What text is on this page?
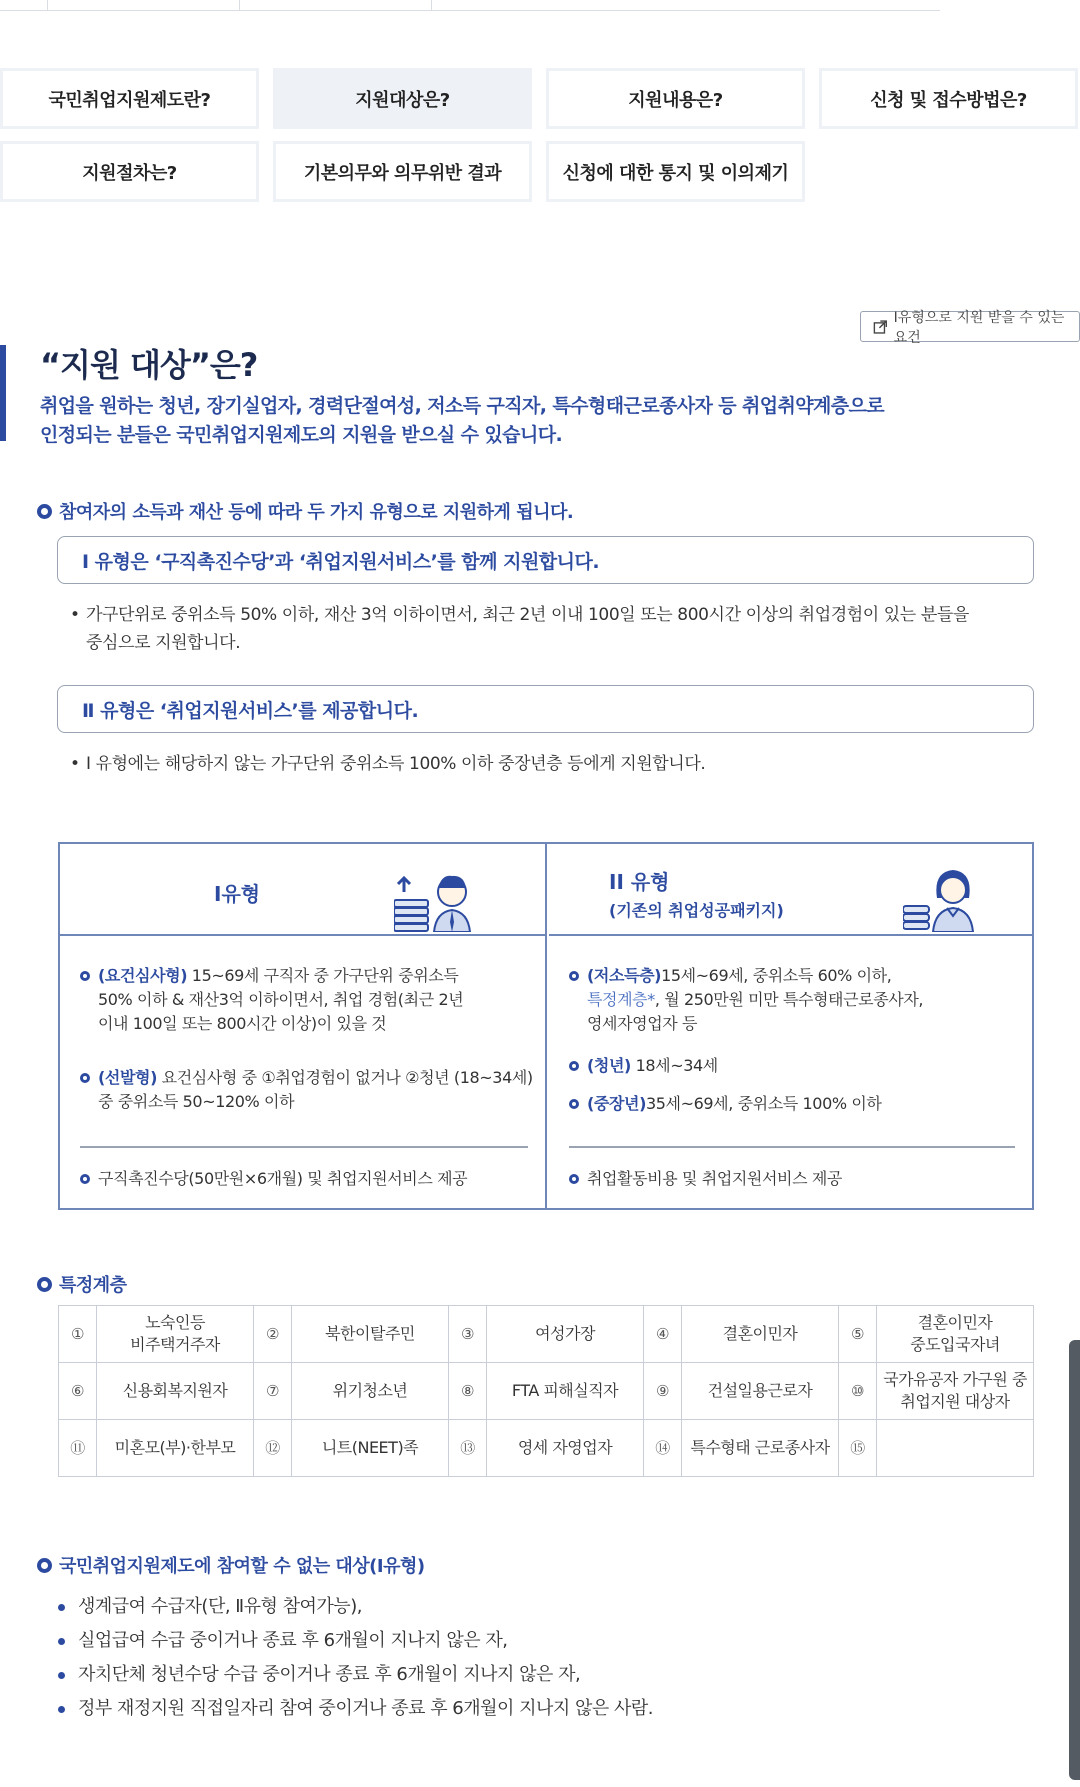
국민취업지원제도란?	지원대상은?	지원내용은?	신청 및 접수방법은?
지원절차는?	기본의무와 의무위반 결과	신청에 대한 통지 및 이의제기
I유형으로 지원 받을 수 있는 요건
“지원 대상”은?
취업을 원하는 청년, 장기실업자, 경력단절여성, 저소득 구직자, 특수형태근로종사자 등 취업취약계층으로
인정되는 분들은 국민취업지원제도의 지원을 받으실 수 있습니다.
참여자의 소득과 재산 등에 따라 두 가지 유형으로 지원하게 됩니다.
Ⅰ 유형은 ‘구직촉진수당’과 ‘취업지원서비스’를 함께 지원합니다.
• 가구단위로 중위소득 50% 이하, 재산 3억 이하이면서, 최근 2년 이내 100일 또는 800시간 이상의 취업경험이 있는 분들을
중심으로 지원합니다.
Ⅱ 유형은 ‘취업지원서비스’를 제공합니다.
• Ⅰ 유형에는 해당하지 않는 가구단위 중위소득 100% 이하 중장년층 등에게 지원합니다.
I유형
(요건심사형) 15~69세 구직자 중 가구단위 중위소득
50% 이하 & 재산3억 이하이면서, 취업 경험(최근 2년
이내 100일 또는 800시간 이상)이 있을 것
(선발형) 요건심사형 중 ①취업경험이 없거나 ②청년 (18~34세)
중 중위소득 50~120% 이하
구직촉진수당(50만원×6개월) 및 취업지원서비스 제공
II 유형
(기존의 취업성공패키지)
(저소득층)15세~69세, 중위소득 60% 이하,
특정계층*, 월 250만원 미만 특수형태근로종사자,
영세자영업자 등
(청년) 18세~34세
(중장년)35세~69세, 중위소득 100% 이하
취업활동비용 및 취업지원서비스 제공
특정계층
①	노숙인등
비주택거주자	②	북한이탈주민	③	여성가장	④	결혼이민자	⑤	결혼이민자
중도입국자녀
⑥	신용회복지원자	⑦	위기청소년	⑧	FTA 피해실직자	⑨	건설일용근로자	⑩	국가유공자 가구원 중
취업지원 대상자
⑪	미혼모(부)·한부모	⑫	니트(NEET)족	⑬	영세 자영업자	⑭	특수형태 근로종사자	⑮	
국민취업지원제도에 참여할 수 없는 대상(Ⅰ유형)
생계급여 수급자(단, Ⅱ유형 참여가능),
실업급여 수급 중이거나 종료 후 6개월이 지나지 않은 자,
자치단체 청년수당 수급 중이거나 종료 후 6개월이 지나지 않은 자,
정부 재정지원 직접일자리 참여 중이거나 종료 후 6개월이 지나지 않은 사람.
